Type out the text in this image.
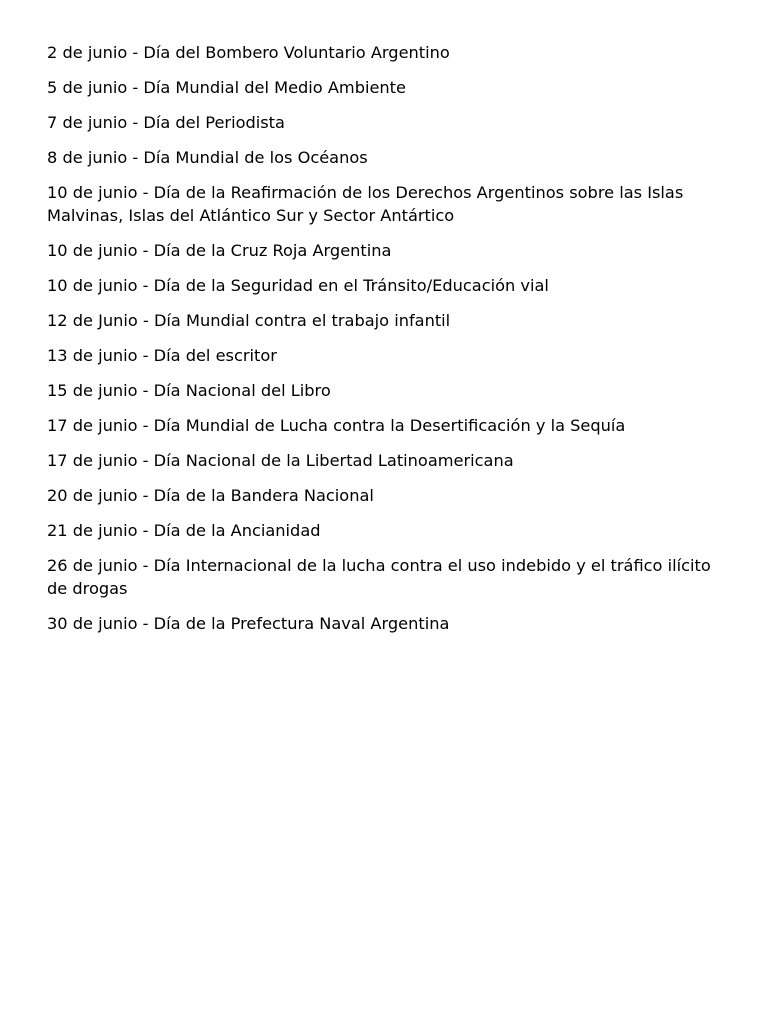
2 de junio - Día del Bombero Voluntario Argentino
5 de junio - Día Mundial del Medio Ambiente
7 de junio - Día del Periodista
8 de junio - Día Mundial de los Océanos
10 de junio - Día de la Reafirmación de los Derechos Argentinos sobre las Islas Malvinas, Islas del Atlántico Sur y Sector Antártico
10 de junio - Día de la Cruz Roja Argentina
10 de junio - Día de la Seguridad en el Tránsito/Educación vial
12 de Junio - Día Mundial contra el trabajo infantil
13 de junio - Día del escritor
15 de junio - Día Nacional del Libro
17 de junio - Día Mundial de Lucha contra la Desertificación y la Sequía
17 de junio - Día Nacional de la Libertad Latinoamericana
20 de junio - Día de la Bandera Nacional
21 de junio - Día de la Ancianidad
26 de junio - Día Internacional de la lucha contra el uso indebido y el tráfico ilícito de drogas
30 de junio - Día de la Prefectura Naval Argentina
